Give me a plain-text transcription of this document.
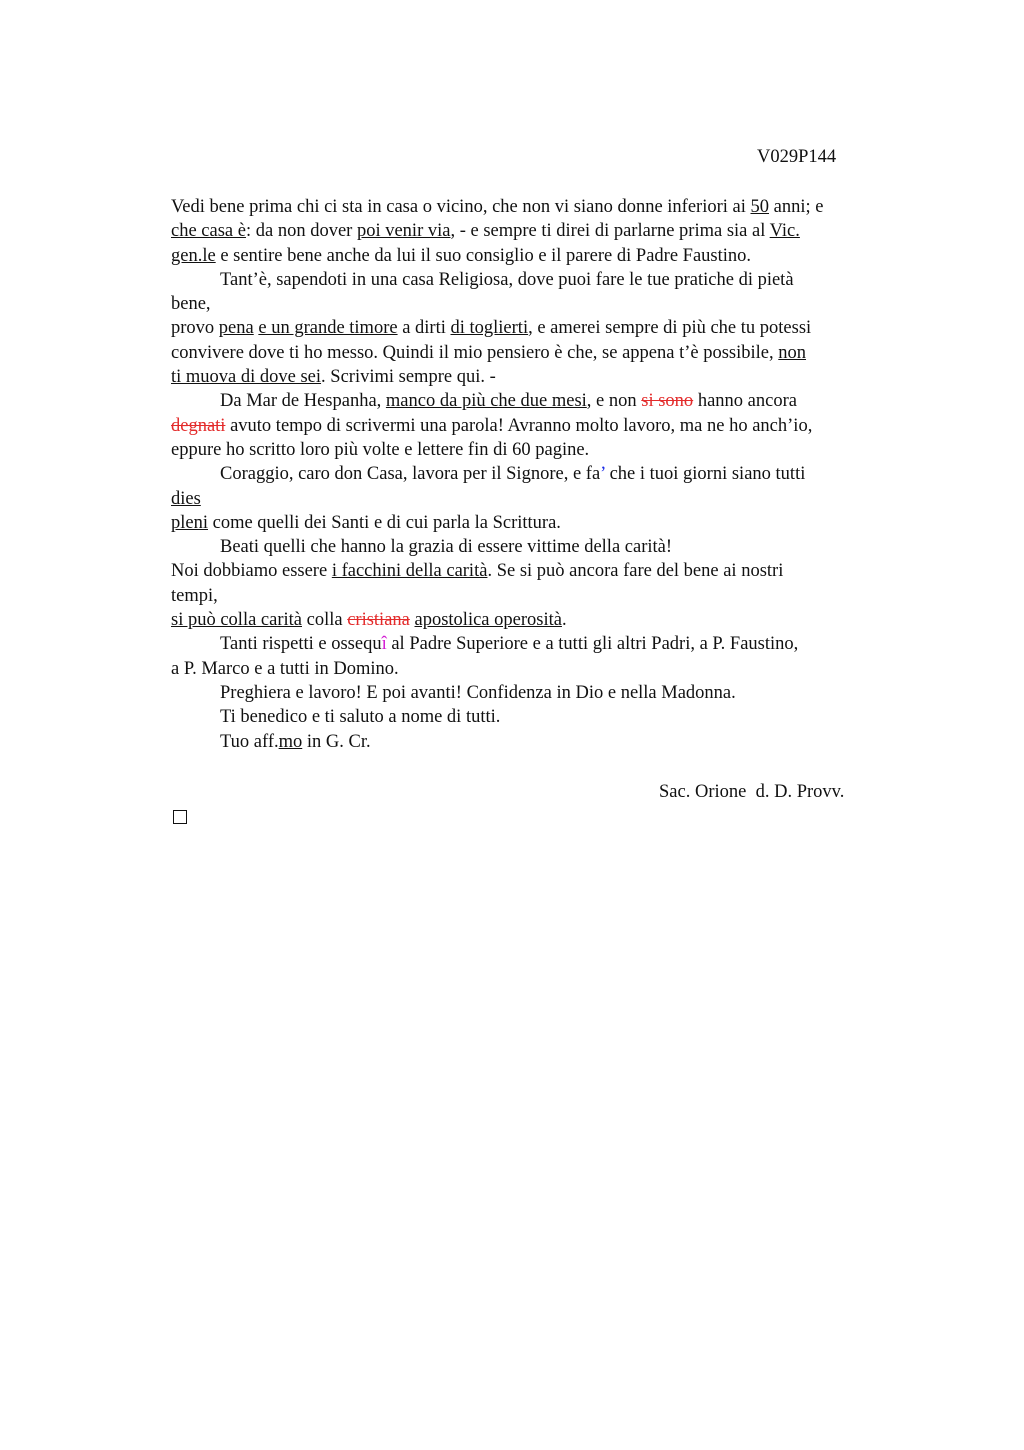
V029P144
Vedi bene prima chi ci sta in casa o vicino, che non vi siano donne inferiori ai 50 anni; e
che casa è: da non dover poi venir via, - e sempre ti direi di parlarne prima sia al Vic.
gen.le e sentire bene anche da lui il suo consiglio e il parere di Padre Faustino.
Tant’è, sapendoti in una casa Religiosa, dove puoi fare le tue pratiche di pietà
bene,
provo pena e un grande timore a dirti di toglierti, e amerei sempre di più che tu potessi
convivere dove ti ho messo. Quindi il mio pensiero è che, se appena t’è possibile, non
ti muova di dove sei. Scrivimi sempre qui. -
Da Mar de Hespanha, manco da più che due mesi, e non si sono hanno ancora
degnati avuto tempo di scrivermi una parola! Avranno molto lavoro, ma ne ho anch’io,
eppure ho scritto loro più volte e lettere fin di 60 pagine.
Coraggio, caro don Casa, lavora per il Signore, e fa’ che i tuoi giorni siano tutti
dies
pleni come quelli dei Santi e di cui parla la Scrittura.
Beati quelli che hanno la grazia di essere vittime della carità!
Noi dobbiamo essere i facchini della carità. Se si può ancora fare del bene ai nostri
tempi,
si può colla carità colla cristiana apostolica operosità.
Tanti rispetti e ossequî al Padre Superiore e a tutti gli altri Padri, a P. Faustino,
a P. Marco e a tutti in Domino.
Preghiera e lavoro! E poi avanti! Confidenza in Dio e nella Madonna.
Ti benedico e ti saluto a nome di tutti.
Tuo aff.mo in G. Cr.
Sac. Orione  d. D. Provv.
